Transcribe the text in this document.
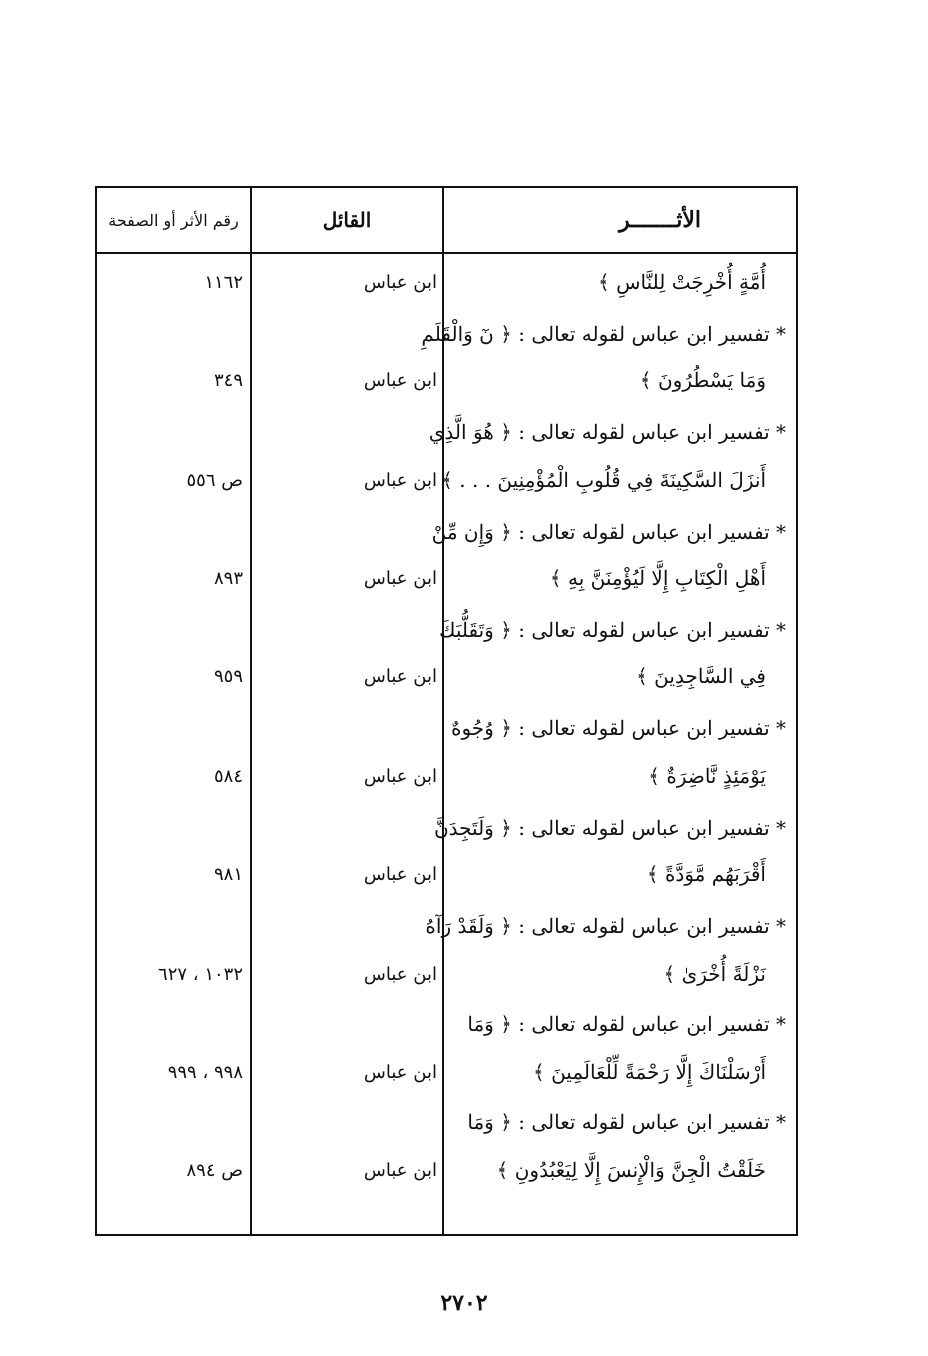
الأثـــــــر
القائل
رقم الأثر أو الصفحة
أُمَّةٍ أُخْرِجَتْ لِلنَّاسِ ﴾
ابن عباس
١١٦٢
* تفسير ابن عباس لقوله تعالى : ﴿ نٓ وَالْقَلَمِ
وَمَا يَسْطُرُونَ ﴾
ابن عباس
٣٤٩
* تفسير ابن عباس لقوله تعالى : ﴿ هُوَ الَّذِي
أَنزَلَ السَّكِينَةَ فِي قُلُوبِ الْمُؤْمِنِينَ . . . ﴾
ابن عباس
ص ٥٥٦
* تفسير ابن عباس لقوله تعالى : ﴿ وَإِن مِّنْ
أَهْلِ الْكِتَابِ إِلَّا لَيُؤْمِنَنَّ بِهِ ﴾
ابن عباس
٨٩٣
* تفسير ابن عباس لقوله تعالى : ﴿ وَتَقَلُّبَكَ
فِي السَّاجِدِينَ ﴾
ابن عباس
٩٥٩
* تفسير ابن عباس لقوله تعالى : ﴿ وُجُوهٌ
يَوْمَئِذٍ نَّاضِرَةٌ ﴾
ابن عباس
٥٨٤
* تفسير ابن عباس لقوله تعالى : ﴿ وَلَتَجِدَنَّ
أَقْرَبَهُم مَّوَدَّةً ﴾
ابن عباس
٩٨١
* تفسير ابن عباس لقوله تعالى : ﴿ وَلَقَدْ رَآهُ
نَزْلَةً أُخْرَىٰ ﴾
ابن عباس
١٠٣٢ ، ٦٢٧
* تفسير ابن عباس لقوله تعالى : ﴿ وَمَا
أَرْسَلْنَاكَ إِلَّا رَحْمَةً لِّلْعَالَمِينَ ﴾
ابن عباس
٩٩٨ ، ٩٩٩
* تفسير ابن عباس لقوله تعالى : ﴿ وَمَا
خَلَقْتُ الْجِنَّ وَالْإِنسَ إِلَّا لِيَعْبُدُونِ ﴾
ابن عباس
ص ٨٩٤
٢٧٠٢
